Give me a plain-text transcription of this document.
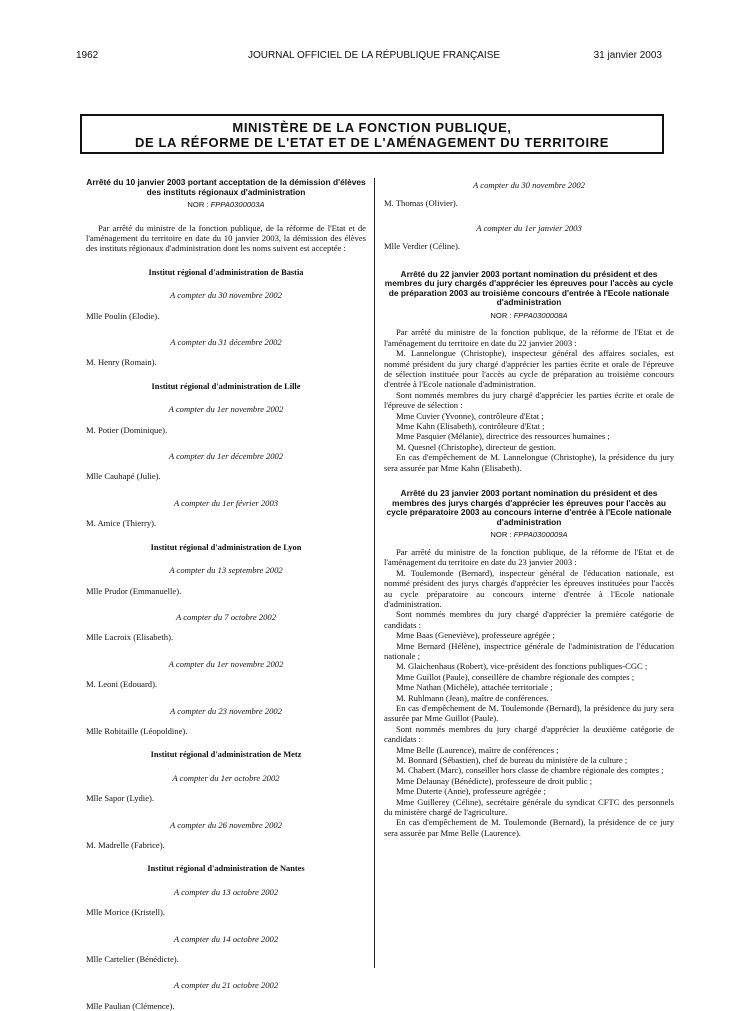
1962	JOURNAL OFFICIEL DE LA RÉPUBLIQUE FRANÇAISE	31 janvier 2003
MINISTÈRE DE LA FONCTION PUBLIQUE,
DE LA RÉFORME DE L'ETAT ET DE L'AMÉNAGEMENT DU TERRITOIRE
Arrêté du 10 janvier 2003 portant acceptation de la démission d'élèves des instituts régionaux d'administration
NOR : FPPA0300003A
Par arrêté du ministre de la fonction publique, de la réforme de l'Etat et de l'aménagement du territoire en date du 10 janvier 2003, la démission des élèves des instituts régionaux d'administration dont les noms suivent est acceptée :
Institut régional d'administration de Bastia
A compter du 30 novembre 2002
Mlle Poulin (Elodie).
A compter du 31 décembre 2002
M. Henry (Romain).
Institut régional d'administration de Lille
A compter du 1er novembre 2002
M. Potier (Dominique).
A compter du 1er décembre 2002
Mlle Cauhapé (Julie).
A compter du 1er février 2003
M. Amice (Thierry).
Institut régional d'administration de Lyon
A compter du 13 septembre 2002
Mlle Prudor (Emmanuelle).
A compter du 7 octobre 2002
Mlle Lacroix (Elisabeth).
A compter du 1er novembre 2002
M. Leoni (Edouard).
A compter du 23 novembre 2002
Mlle Robitaille (Léopoldine).
Institut régional d'administration de Metz
A compter du 1er octobre 2002
Mlle Sapor (Lydie).
A compter du 26 novembre 2002
M. Madrelle (Fabrice).
Institut régional d'administration de Nantes
A compter du 13 octobre 2002
Mlle Morice (Kristell).
A compter du 14 octobre 2002
Mlle Cartelier (Bénédicte).
A compter du 21 octobre 2002
Mlle Paulian (Clémence).
A compter du 30 novembre 2002
M. Thomas (Olivier).
A compter du 1er janvier 2003
Mlle Verdier (Céline).
Arrêté du 22 janvier 2003 portant nomination du président et des membres du jury chargés d'apprécier les épreuves pour l'accès au cycle de préparation 2003 au troisième concours d'entrée à l'Ecole nationale d'administration
NOR : FPPA0300008A
Par arrêté du ministre de la fonction publique, de la réforme de l'Etat et de l'aménagement du territoire en date du 22 janvier 2003 :
M. Lannelongue (Christophe), inspecteur général des affaires sociales, est nommé président du jury chargé d'apprécier les parties écrite et orale de l'épreuve de sélection instituée pour l'accès au cycle de préparation au troisième concours d'entrée à l'Ecole nationale d'administration.
Sont nommés membres du jury chargé d'apprécier les parties écrite et orale de l'épreuve de sélection :
Mme Cuvier (Yvonne), contrôleure d'Etat ;
Mme Kahn (Elisabeth), contrôleure d'Etat ;
Mme Pasquier (Mélanie), directrice des ressources humaines ;
M. Quesnel (Christophe), directeur de gestion.
En cas d'empêchement de M. Lannelongue (Christophe), la présidence du jury sera assurée par Mme Kahn (Elisabeth).
Arrêté du 23 janvier 2003 portant nomination du président et des membres des jurys chargés d'apprécier les épreuves pour l'accès au cycle préparatoire 2003 au concours interne d'entrée à l'Ecole nationale d'administration
NOR : FPPA0300009A
Par arrêté du ministre de la fonction publique, de la réforme de l'Etat et de l'aménagement du territoire en date du 23 janvier 2003 :
M. Toulemonde (Bernard), inspecteur général de l'éducation nationale, est nommé président des jurys chargés d'apprécier les épreuves instituées pour l'accès au cycle préparatoire au concours interne d'entrée à l'Ecole nationale d'administration.
Sont nommés membres du jury chargé d'apprécier la première catégorie de candidats :
Mme Baas (Geneviève), professeure agrégée ;
Mme Bernard (Hélène), inspectrice générale de l'administration de l'éducation nationale ;
M. Glaichenhaus (Robert), vice-président des fonctions publiques-CGC ;
Mme Guillot (Paule), conseillère de chambre régionale des comptes ;
Mme Nathan (Michèle), attachée territoriale ;
M. Ruhlmann (Jean), maître de conférences.
En cas d'empêchement de M. Toulemonde (Bernard), la présidence du jury sera assurée par Mme Guillot (Paule).
Sont nommés membres du jury chargé d'apprécier la deuxième catégorie de candidats :
Mme Belle (Laurence), maître de conférences ;
M. Bonnard (Sébastien), chef de bureau du ministère de la culture ;
M. Chabert (Marc), conseiller hors classe de chambre régionale des comptes ;
Mme Delaunay (Bénédicte), professeure de droit public ;
Mme Duterte (Anne), professeure agrégée ;
Mme Guillerey (Céline), secrétaire générale du syndicat CFTC des personnels du ministère chargé de l'agriculture.
En cas d'empêchement de M. Toulemonde (Bernard), la présidence de ce jury sera assurée par Mme Belle (Laurence).
